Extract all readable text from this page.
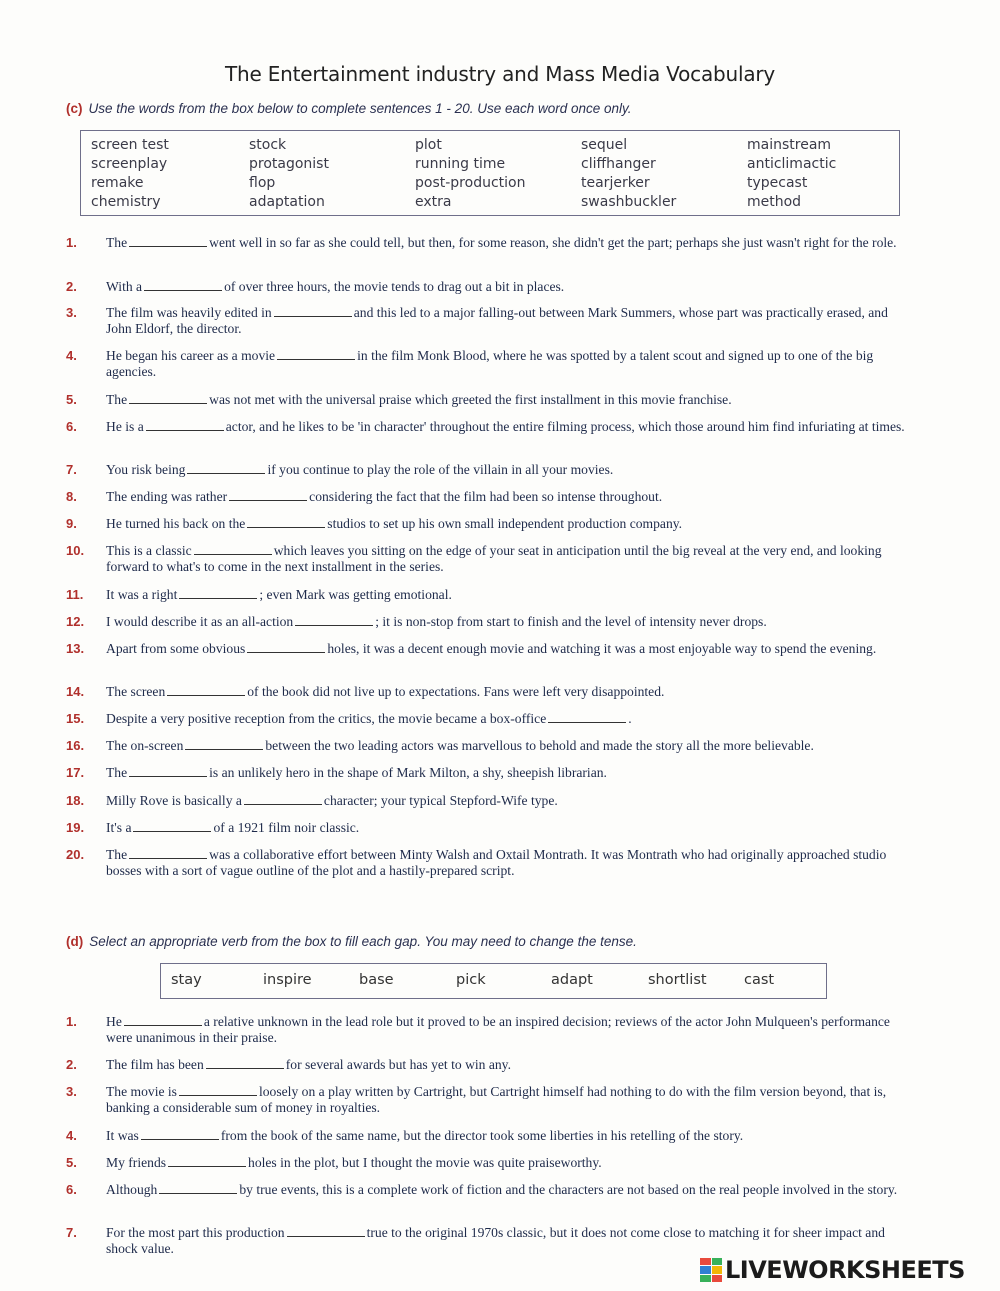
The Entertainment industry and Mass Media Vocabulary
(c) Use the words from the box below to complete sentences 1 - 20. Use each word once only.
screen test	stock	plot	sequel	mainstream
screenplay	protagonist	running time	cliffhanger	anticlimactic
remake	flop	post-production	tearjerker	typecast
chemistry	adaptation	extra	swashbuckler	method
1.	The	went well in so far as she could tell, but then, for some reason, she didn't get the part; perhaps she just wasn't right for the role.
2.	With a	of over three hours, the movie tends to drag out a bit in places.
3.	The film was heavily edited in	and this led to a major falling-out between Mark Summers, whose part was practically erased, and John Eldorf, the director.
4.	He began his career as a movie	in the film Monk Blood, where he was spotted by a talent scout and signed up to one of the big agencies.
5.	The	was not met with the universal praise which greeted the first installment in this movie franchise.
6.	He is a	actor, and he likes to be 'in character' throughout the entire filming process, which those around him find infuriating at times.
7.	You risk being	if you continue to play the role of the villain in all your movies.
8.	The ending was rather	considering the fact that the film had been so intense throughout.
9.	He turned his back on the	studios to set up his own small independent production company.
10.	This is a classic	which leaves you sitting on the edge of your seat in anticipation until the big reveal at the very end, and looking forward to what's to come in the next installment in the series.
11.	It was a right	; even Mark was getting emotional.
12.	I would describe it as an all-action	; it is non-stop from start to finish and the level of intensity never drops.
13.	Apart from some obvious	holes, it was a decent enough movie and watching it was a most enjoyable way to spend the evening.
14.	The screen	of the book did not live up to expectations. Fans were left very disappointed.
15.	Despite a very positive reception from the critics, the movie became a box-office	.
16.	The on-screen	between the two leading actors was marvellous to behold and made the story all the more believable.
17.	The	is an unlikely hero in the shape of Mark Milton, a shy, sheepish librarian.
18.	Milly Rove is basically a	character; your typical Stepford-Wife type.
19.	It's a	of a 1921 film noir classic.
20.	The	was a collaborative effort between Minty Walsh and Oxtail Montrath. It was Montrath who had originally approached studio bosses with a sort of vague outline of the plot and a hastily-prepared script.
(d) Select an appropriate verb from the box to fill each gap. You may need to change the tense.
stay	inspire	base	pick	adapt	shortlist	cast
1.	He	a relative unknown in the lead role but it proved to be an inspired decision; reviews of the actor John Mulqueen's performance were unanimous in their praise.
2.	The film has been	for several awards but has yet to win any.
3.	The movie is	loosely on a play written by Cartright, but Cartright himself had nothing to do with the film version beyond, that is, banking a considerable sum of money in royalties.
4.	It was	from the book of the same name, but the director took some liberties in his retelling of the story.
5.	My friends	holes in the plot, but I thought the movie was quite praiseworthy.
6.	Although	by true events, this is a complete work of fiction and the characters are not based on the real people involved in the story.
7.	For the most part this production	true to the original 1970s classic, but it does not come close to matching it for sheer impact and shock value.
LIVEWORKSHEETS
